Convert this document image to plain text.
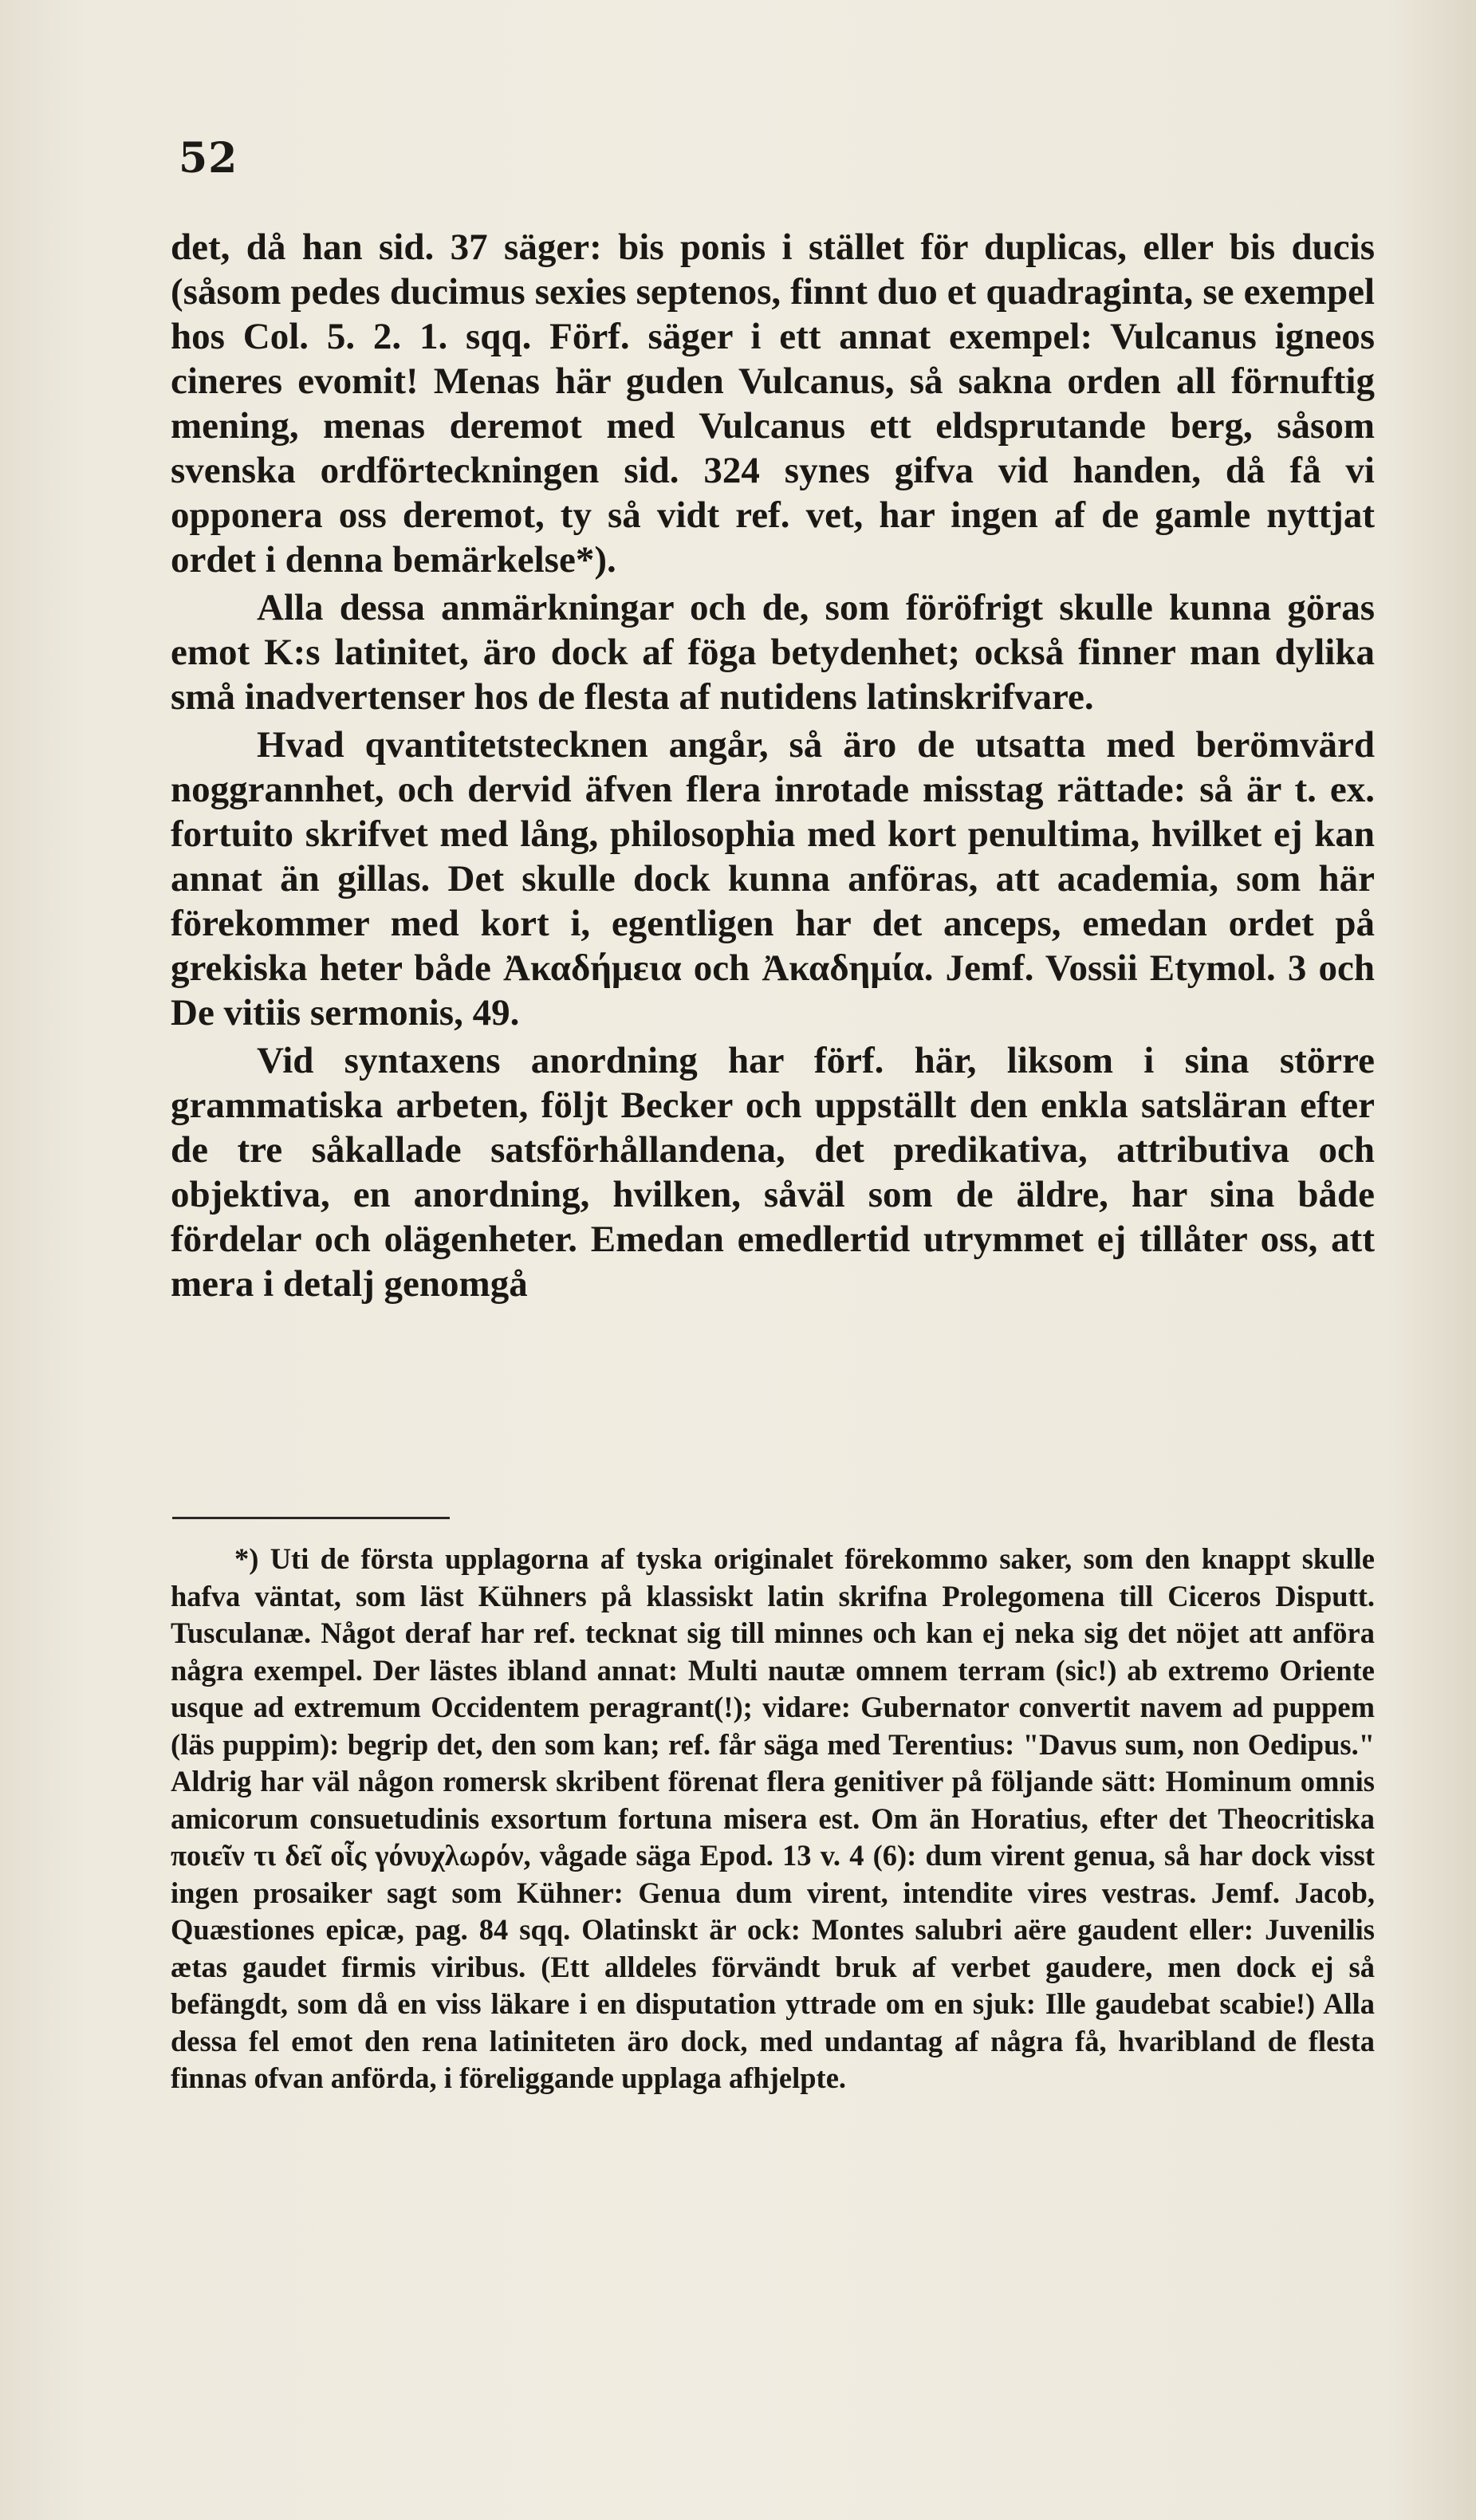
52

det, då han sid. 37 säger: bis ponis i stället för duplicas, eller bis ducis (såsom pedes ducimus sexies septenos, finnt duo et quadraginta, se exempel hos Col. 5. 2. 1. sqq. Förf. säger i ett annat exempel: Vulcanus igneos cineres evomit! Menas här guden Vulcanus, så sakna orden all förnuftig mening, menas deremot med Vulcanus ett eldsprutande berg, såsom svenska ordförteckningen sid. 324 synes gifva vid handen, då få vi opponera oss deremot, ty så vidt ref. vet, har ingen af de gamle nyttjat ordet i denna bemärkelse*).

Alla dessa anmärkningar och de, som föröfrigt skulle kunna göras emot K:s latinitet, äro dock af föga betydenhet; också finner man dylika små inadvertenser hos de flesta af nutidens latinskrifvare.

Hvad qvantitetstecknen angår, så äro de utsatta med berömvärd noggrannhet, och dervid äfven flera inrotade misstag rättade: så är t. ex. fortuito skrifvet med lång, philosophia med kort penultima, hvilket ej kan annat än gillas. Det skulle dock kunna anföras, att academia, som här förekommer med kort i, egentligen har det anceps, emedan ordet på grekiska heter både Ἀκαδήμεια och Ἀκαδημία. Jemf. Vossii Etymol. 3 och De vitiis sermonis, 49.

Vid syntaxens anordning har förf. här, liksom i sina större grammatiska arbeten, följt Becker och uppställt den enkla satsläran efter de tre såkallade satsförhållandena, det predikativa, attributiva och objektiva, en anordning, hvilken, såväl som de äldre, har sina både fördelar och olägenheter. Emedan emedlertid utrymmet ej tillåter oss, att mera i detalj genomgå

*) Uti de första upplagorna af tyska originalet förekommo saker, som den knappt skulle hafva väntat, som läst Kühners på klassiskt latin skrifna Prolegomena till Ciceros Disputt. Tusculanæ. Något deraf har ref. tecknat sig till minnes och kan ej neka sig det nöjet att anföra några exempel. Der lästes ibland annat: Multi nautæ omnem terram (sic!) ab extremo Oriente usque ad extremum Occidentem peragrant(!); vidare: Gubernator convertit navem ad puppem (läs puppim): begrip det, den som kan; ref. får säga med Terentius: "Davus sum, non Oedipus." Aldrig har väl någon romersk skribent förenat flera genitiver på följande sätt: Hominum omnis amicorum consuetudinis exsortum fortuna misera est. Om än Horatius, efter det Theocritiska ποιεῖν τι δεῖ οἷς γόνυχλωρόν, vågade säga Epod. 13 v. 4 (6): dum virent genua, så har dock visst ingen prosaiker sagt som Kühner: Genua dum virent, intendite vires vestras. Jemf. Jacob, Quæstiones epicæ, pag. 84 sqq. Olatinskt är ock: Montes salubri aëre gaudent eller: Juvenilis ætas gaudet firmis viribus. (Ett alldeles förvändt bruk af verbet gaudere, men dock ej så befängdt, som då en viss läkare i en disputation yttrade om en sjuk: Ille gaudebat scabie!) Alla dessa fel emot den rena latiniteten äro dock, med undantag af några få, hvaribland de flesta finnas ofvan anförda, i föreliggande upplaga afhjelpte.
